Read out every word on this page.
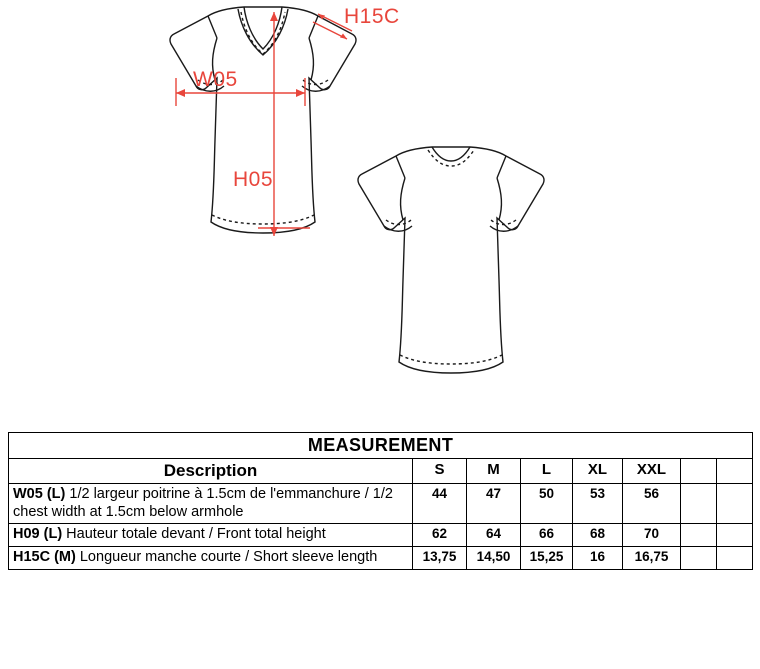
H15C
W05
H05
MEASUREMENT							
Description	S	M	L	XL	XXL		
W05 (L) 1/2 largeur poitrine à 1.5cm de l'emmanchure / 1/2 chest width at 1.5cm below armhole	44	47	50	53	56		
H09 (L) Hauteur totale devant / Front total height	62	64	66	68	70		
H15C (M) Longueur manche courte / Short sleeve length	13,75	14,50	15,25	16	16,75		
